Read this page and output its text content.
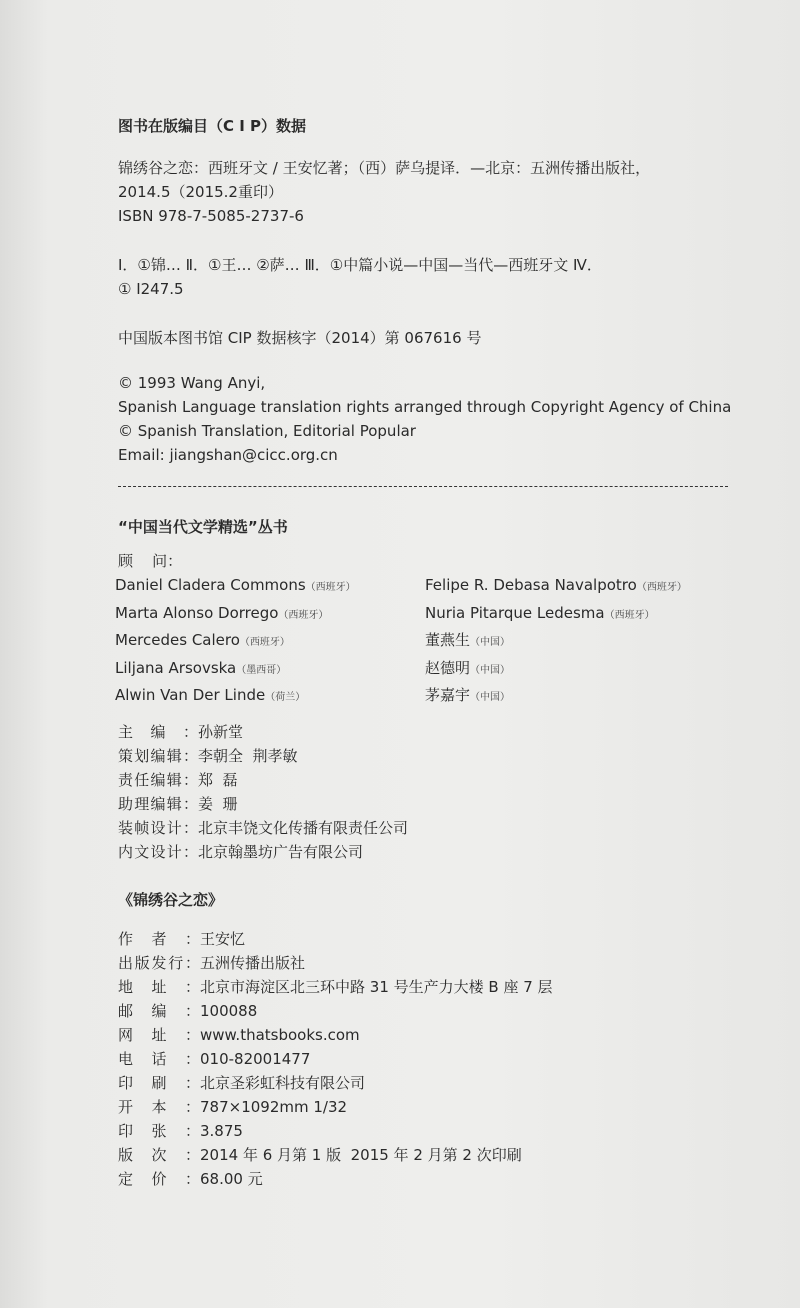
图书在版编目（C I P）数据
锦绣谷之恋：西班牙文 / 王安忆著；（西）萨乌提译．—北京：五洲传播出版社，
2014.5（2015.2重印）
ISBN 978-7-5085-2737-6
Ⅰ．①锦… Ⅱ．①王… ②萨… Ⅲ．①中篇小说—中国—当代—西班牙文 Ⅳ．
① I247.5
中国版本图书馆 CIP 数据核字（2014）第 067616 号
© 1993 Wang Anyi,
Spanish Language translation rights arranged through Copyright Agency of China
© Spanish Translation, Editorial Popular
Email: jiangshan@cicc.org.cn
“中国当代文学精选”丛书
顾    问：
Daniel Cladera Commons（西班牙）
Marta Alonso Dorrego（西班牙）
Mercedes Calero（西班牙）
Liljana Arsovska（墨西哥）
Alwin Van Der Linde（荷兰）
Felipe R. Debasa Navalpotro（西班牙）
Nuria Pitarque Ledesma（西班牙）
董燕生（中国）
赵德明（中国）
茅嘉宇（中国）
主编： 孙新堂
策划编辑： 李朝全  荆孝敏
责任编辑： 郑  磊
助理编辑： 姜  珊
装帧设计： 北京丰饶文化传播有限责任公司
内文设计： 北京翰墨坊广告有限公司
《锦绣谷之恋》
作者： 王安忆
出版发行： 五洲传播出版社
地址： 北京市海淀区北三环中路 31 号生产力大楼 B 座 7 层
邮编： 100088
网址： www.thatsbooks.com
电话： 010-82001477
印刷： 北京圣彩虹科技有限公司
开本： 787×1092mm 1/32
印张： 3.875
版次： 2014 年 6 月第 1 版  2015 年 2 月第 2 次印刷
定价： 68.00 元
